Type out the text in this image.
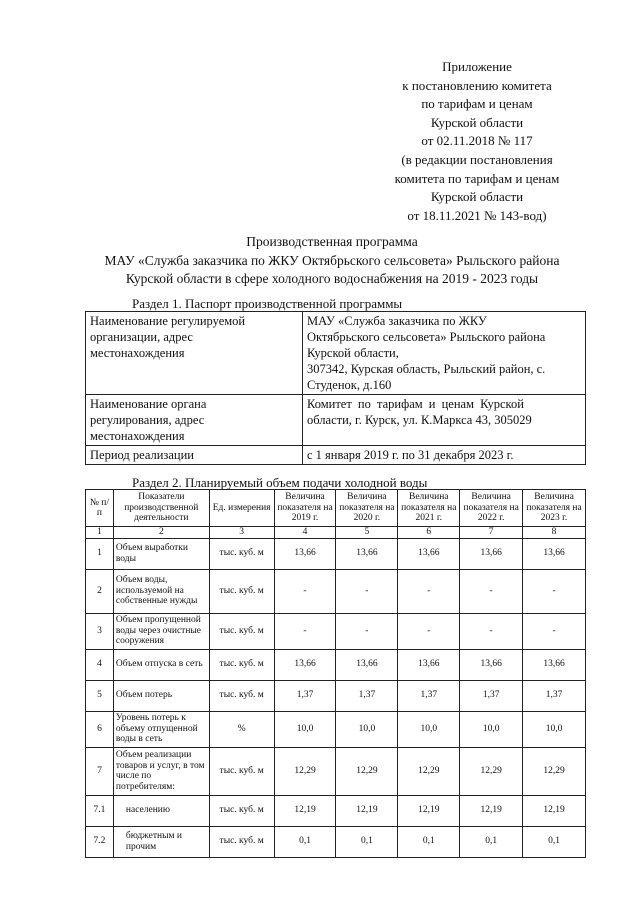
Приложение
к постановлению комитета
по тарифам и ценам
Курской области
от 02.11.2018 № 117
(в редакции постановления
комитета по тарифам и ценам
Курской области
от 18.11.2021 № 143-вод)
Производственная программа
МАУ «Служба заказчика по ЖКУ Октябрьского сельсовета» Рыльского района
Курской области в сфере холодного водоснабжения на 2019 - 2023 годы
Раздел 1. Паспорт производственной программы
Наименование регулируемой
организации, адрес
местонахождения	МАУ «Служба заказчика по ЖКУ
Октябрьского сельсовета» Рыльского района
Курской области,
307342, Курская область, Рыльский район, с.
Студенок, д.160

Наименование органа
регулирования, адрес
местонахождения	Комитет по тарифам и ценам Курской
области, г. Курск, ул. К.Маркса 43, 305029

Период реализации	с 1 января 2019 г. по 31 декабря 2023 г.
Раздел 2. Планируемый объем подачи холодной воды
№ п/п	Показатели производственной деятельности	Ед. измерения	Величина показателя на 2019 г.	Величина показателя на 2020 г.	Величина показателя на 2021 г.	Величина показателя на 2022 г.	Величина показателя на 2023 г.
1	2	3	4	5	6	7	8
1	Объем выработки воды	тыс. куб. м	13,66	13,66	13,66	13,66	13,66
2	Объем воды, используемой на собственные нужды	тыс. куб. м	-	-	-	-	-
3	Объем пропущенной воды через очистные сооружения	тыс. куб. м	-	-	-	-	-
4	Объем отпуска в сеть	тыс. куб. м	13,66	13,66	13,66	13,66	13,66
5	Объем потерь	тыс. куб. м	1,37	1,37	1,37	1,37	1,37
6	Уровень потерь к объему отпущенной воды в сеть	%	10,0	10,0	10,0	10,0	10,0
7	Объем реализации товаров и услуг, в том числе по потребителям:	тыс. куб. м	12,29	12,29	12,29	12,29	12,29
7.1	населению	тыс. куб. м	12,19	12,19	12,19	12,19	12,19
7.2	бюджетным и прочим	тыс. куб. м	0,1	0,1	0,1	0,1	0,1
